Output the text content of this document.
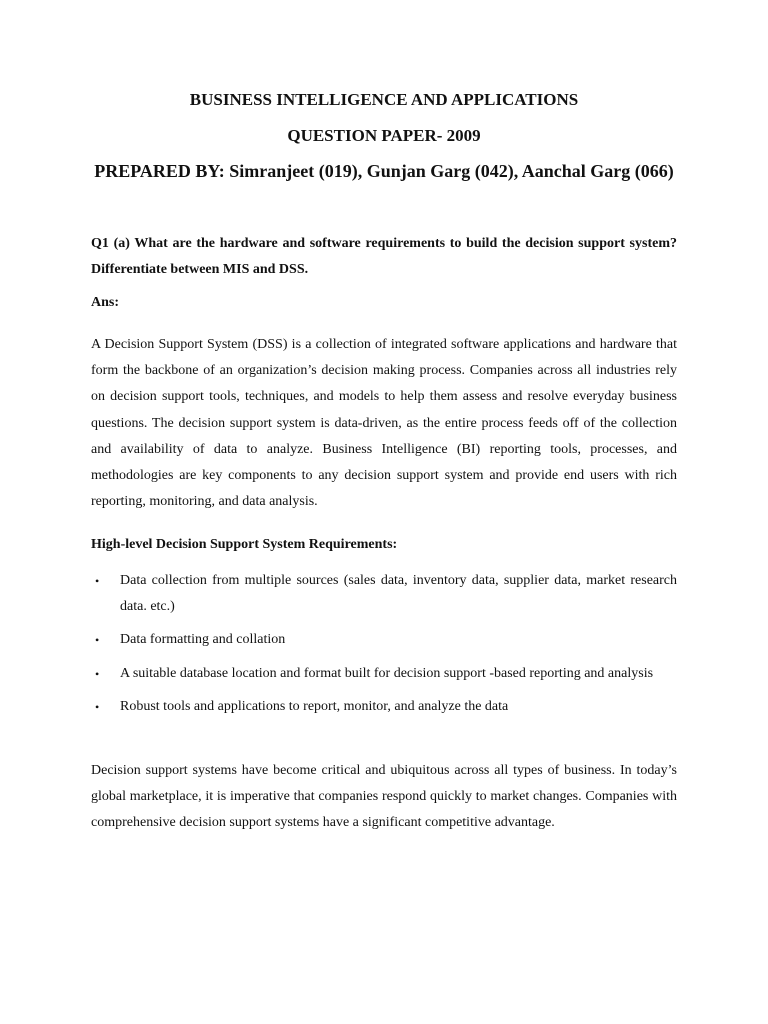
BUSINESS INTELLIGENCE AND APPLICATIONS
QUESTION PAPER- 2009
PREPARED BY: Simranjeet (019), Gunjan Garg (042), Aanchal Garg (066)
Q1 (a) What are the hardware and software requirements to build the decision support system? Differentiate between MIS and DSS.
Ans:
A Decision Support System (DSS) is a collection of integrated software applications and hardware that form the backbone of an organization’s decision making process. Companies across all industries rely on decision support tools, techniques, and models to help them assess and resolve everyday business questions. The decision support system is data-driven, as the entire process feeds off of the collection and availability of data to analyze. Business Intelligence (BI) reporting tools, processes, and methodologies are key components to any decision support system and provide end users with rich reporting, monitoring, and data analysis.
High-level Decision Support System Requirements:
• Data collection from multiple sources (sales data, inventory data, supplier data, market research data. etc.)
• Data formatting and collation
• A suitable database location and format built for decision support -based reporting and analysis
• Robust tools and applications to report, monitor, and analyze the data
Decision support systems have become critical and ubiquitous across all types of business. In today’s global marketplace, it is imperative that companies respond quickly to market changes. Companies with comprehensive decision support systems have a significant competitive advantage.
